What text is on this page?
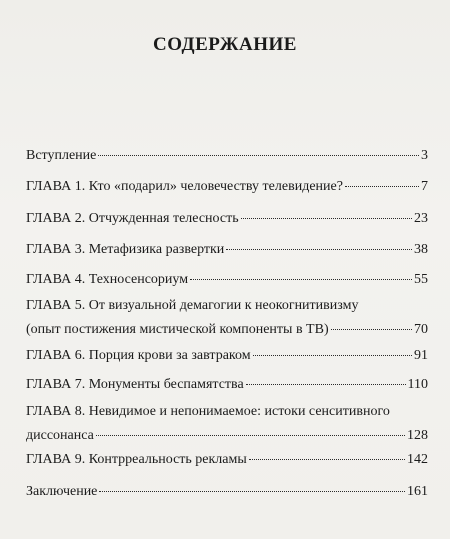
СОДЕРЖАНИЕ
Вступление	3
ГЛАВА 1. Кто «подарил» человечеству телевидение?	7
ГЛАВА 2. Отчужденная телесность	23
ГЛАВА 3. Метафизика развертки	38
ГЛАВА 4. Техносенсориум	55
ГЛАВА 5. От визуальной демагогии к неокогнитивизму
(опыт постижения мистической компоненты в ТВ)	70
ГЛАВА 6. Порция крови за завтраком	91
ГЛАВА 7. Монументы беспамятства	110
ГЛАВА 8. Невидимое и непонимаемое: истоки сенситивного
диссонанса	128
ГЛАВА 9. Контрреальность рекламы	142
Заключение	161
